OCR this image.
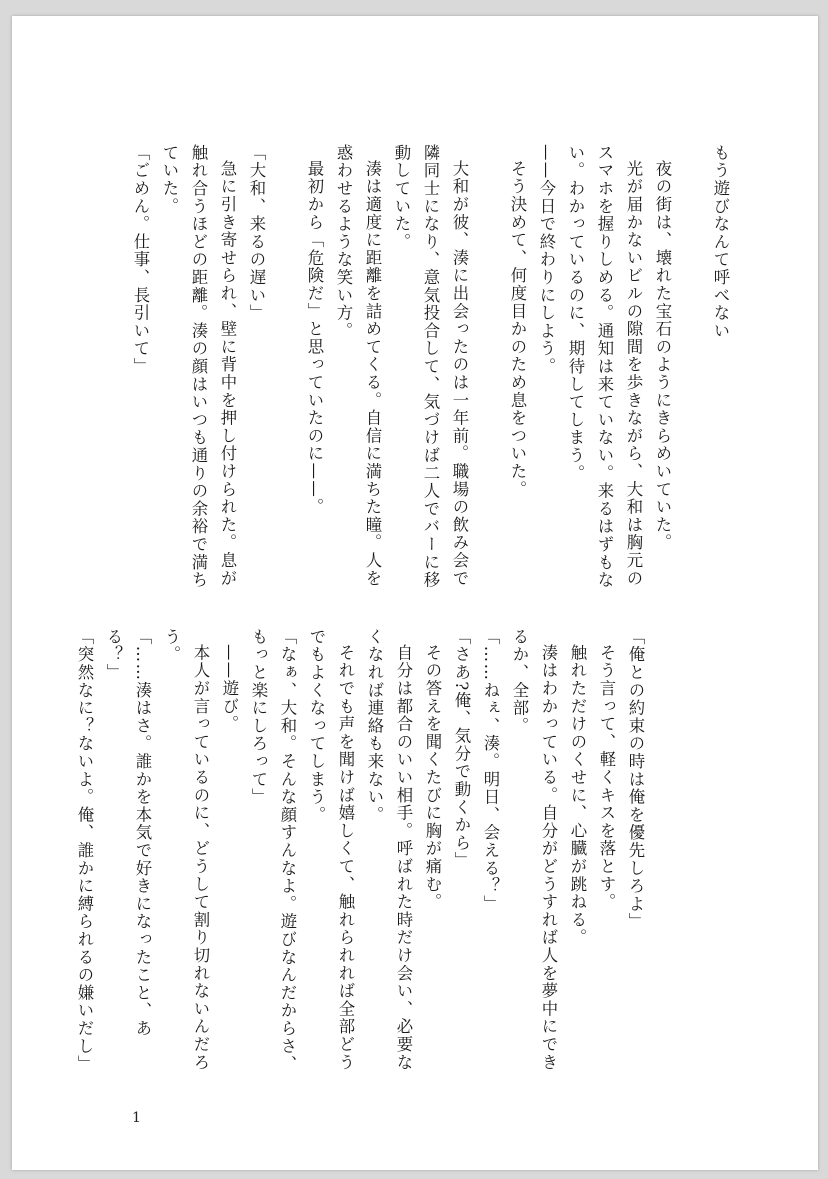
もう遊びなんて呼べない

夜の街は、壊れた宝石のようにきらめいていた。

光が届かないビルの隙間を歩きながら、大和は胸元のスマホを握りしめる。通知は来ていない。来るはずもない。わかっているのに、期待してしまう。

——今日で終わりにしよう。

そう決めて、何度目かのため息をついた。

大和が彼、湊に出会ったのは一年前。職場の飲み会で隣同士になり、意気投合して、気づけば二人でバーに移動していた。

湊は適度に距離を詰めてくる。自信に満ちた瞳。人を惑わせるような笑い方。

最初から「危険だ」と思っていたのに——。

「大和、来るの遅い」

急に引き寄せられ、壁に背中を押し付けられた。息が触れ合うほどの距離。湊の顔はいつも通りの余裕で満ちていた。

「ごめん。仕事、長引いて」

「俺との約束の時は俺を優先しろよ」

そう言って、軽くキスを落とす。

触れただけのくせに、心臓が跳ねる。

湊はわかっている。自分がどうすれば人を夢中にできるか、全部。

「……ねぇ、湊。明日、会える？」

「さあ?俺、気分で動くから」

その答えを聞くたびに胸が痛む。

自分は都合のいい相手。呼ばれた時だけ会い、必要なくなれば連絡も来ない。

それでも声を聞けば嬉しくて、触れられれば全部どうでもよくなってしまう。

「なぁ、大和。そんな顔すんなよ。遊びなんだからさ、もっと楽にしろって」

——遊び。

本人が言っているのに、どうして割り切れないんだろう。

「……湊はさ。誰かを本気で好きになったこと、ある？」

「突然なに？ないよ。俺、誰かに縛られるの嫌いだし」

1
